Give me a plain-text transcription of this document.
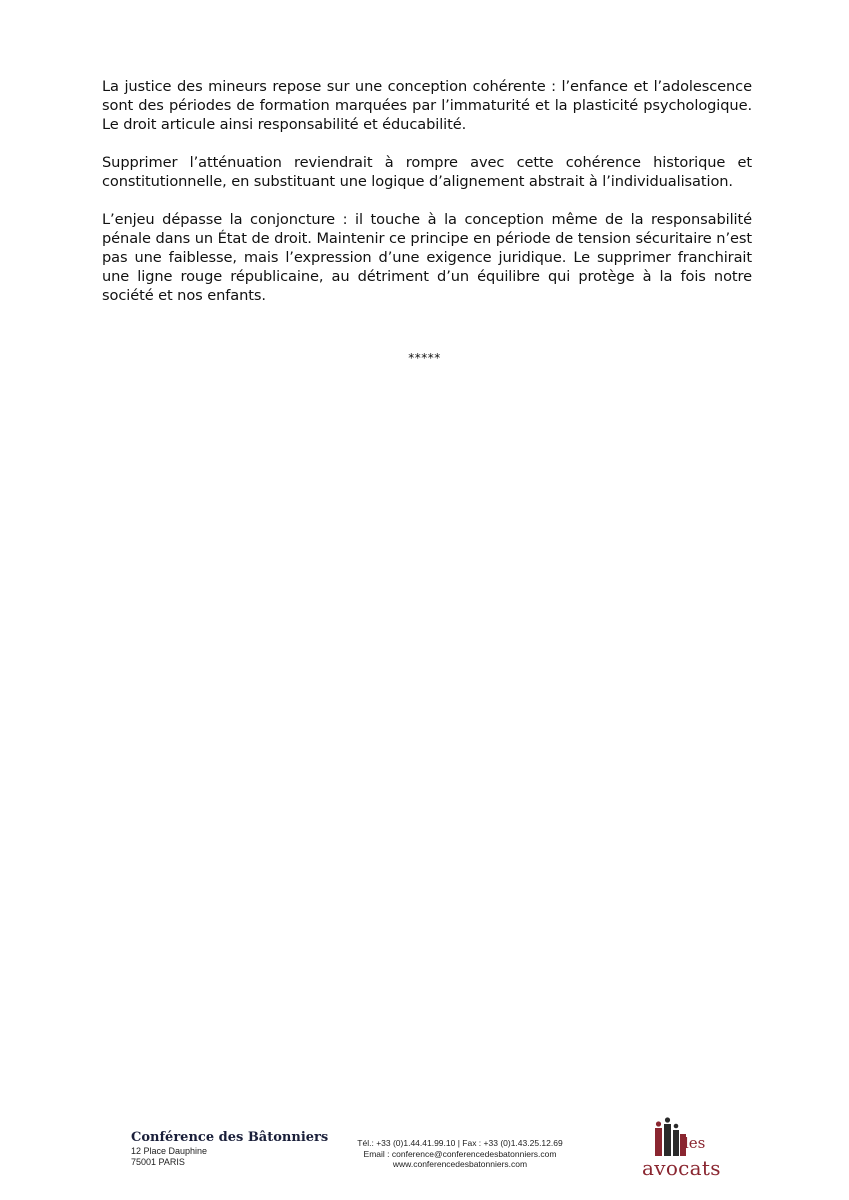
La justice des mineurs repose sur une conception cohérente : l’enfance et l’adolescence sont des périodes de formation marquées par l’immaturité et la plasticité psychologique. Le droit articule ainsi responsabilité et éducabilité.

Supprimer l’atténuation reviendrait à rompre avec cette cohérence historique et constitutionnelle, en substituant une logique d’alignement abstrait à l’individualisation.

L’enjeu dépasse la conjoncture : il touche à la conception même de la responsabilité pénale dans un État de droit. Maintenir ce principe en période de tension sécuritaire n’est pas une faiblesse, mais l’expression d’une exigence juridique. Le supprimer franchirait une ligne rouge républicaine, au détriment d’un équilibre qui protège à la fois notre société et nos enfants.

*****
Conférence des Bâtonniers
12 Place Dauphine
75001 PARIS
Tél.: +33 (0)1.44.41.99.10 | Fax : +33 (0)1.43.25.12.69
Email : conference@conferencedesbatonniers.com
www.conferencedesbatonniers.com
les
avocats
